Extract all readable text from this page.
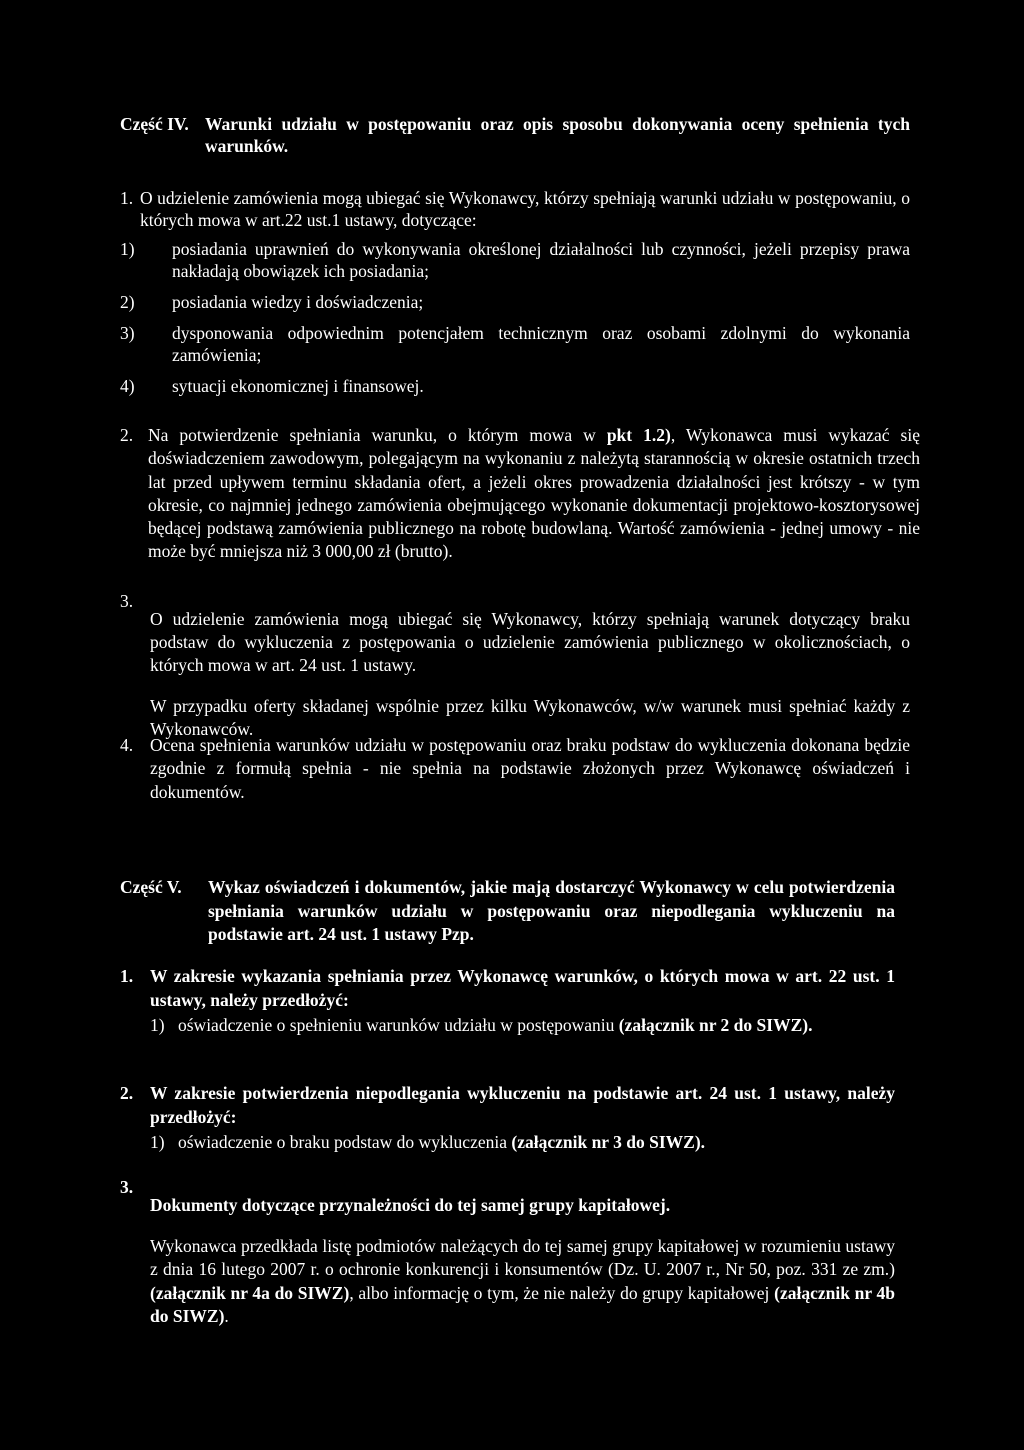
Część IV. Warunki udziału w postępowaniu oraz opis sposobu dokonywania oceny spełnienia tych warunków.
1. O udzielenie zamówienia mogą ubiegać się Wykonawcy, którzy spełniają warunki udziału w postępowaniu, o których mowa w art.22 ust.1 ustawy, dotyczące:
1) posiadania uprawnień do wykonywania określonej działalności lub czynności, jeżeli przepisy prawa nakładają obowiązek ich posiadania;
2) posiadania wiedzy i doświadczenia;
3) dysponowania odpowiednim potencjałem technicznym oraz osobami zdolnymi do wykonania zamówienia;
4) sytuacji ekonomicznej i finansowej.
2. Na potwierdzenie spełniania warunku, o którym mowa w pkt 1.2), Wykonawca musi wykazać się doświadczeniem zawodowym, polegającym na wykonaniu z należytą starannością w okresie ostatnich trzech lat przed upływem terminu składania ofert, a jeżeli okres prowadzenia działalności jest krótszy - w tym okresie, co najmniej jednego zamówienia obejmującego wykonanie dokumentacji projektowo-kosztorysowej będącej podstawą zamówienia publicznego na robotę budowlaną. Wartość zamówienia - jednej umowy - nie może być mniejsza niż 3 000,00 zł (brutto).
3.

O udzielenie zamówienia mogą ubiegać się Wykonawcy, którzy spełniają warunek dotyczący braku podstaw do wykluczenia z postępowania o udzielenie zamówienia publicznego w okolicznościach, o których mowa w art. 24 ust. 1 ustawy.

W przypadku oferty składanej wspólnie przez kilku Wykonawców, w/w warunek musi spełniać każdy z Wykonawców.

4. Ocena spełnienia warunków udziału w postępowaniu oraz braku podstaw do wykluczenia dokonana będzie zgodnie z formułą spełnia - nie spełnia na podstawie złożonych przez Wykonawcę oświadczeń i dokumentów.
Część V. Wykaz oświadczeń i dokumentów, jakie mają dostarczyć Wykonawcy w celu potwierdzenia spełniania warunków udziału w postępowaniu oraz niepodlegania wykluczeniu na podstawie art. 24 ust. 1 ustawy Pzp.
1. W zakresie wykazania spełniania przez Wykonawcę warunków, o których mowa w art. 22 ust. 1 ustawy, należy przedłożyć:
1) oświadczenie o spełnieniu warunków udziału w postępowaniu (załącznik nr 2 do SIWZ).
2. W zakresie potwierdzenia niepodlegania wykluczeniu na podstawie art. 24 ust. 1 ustawy, należy przedłożyć:
1) oświadczenie o braku podstaw do wykluczenia (załącznik nr 3 do SIWZ).
3.

Dokumenty dotyczące przynależności do tej samej grupy kapitałowej.

Wykonawca przedkłada listę podmiotów należących do tej samej grupy kapitałowej w rozumieniu ustawy z dnia 16 lutego 2007 r. o ochronie konkurencji i konsumentów (Dz. U. 2007 r., Nr 50, poz. 331 ze zm.) (załącznik nr 4a do SIWZ), albo informację o tym, że nie należy do grupy kapitałowej (załącznik nr 4b do SIWZ).
